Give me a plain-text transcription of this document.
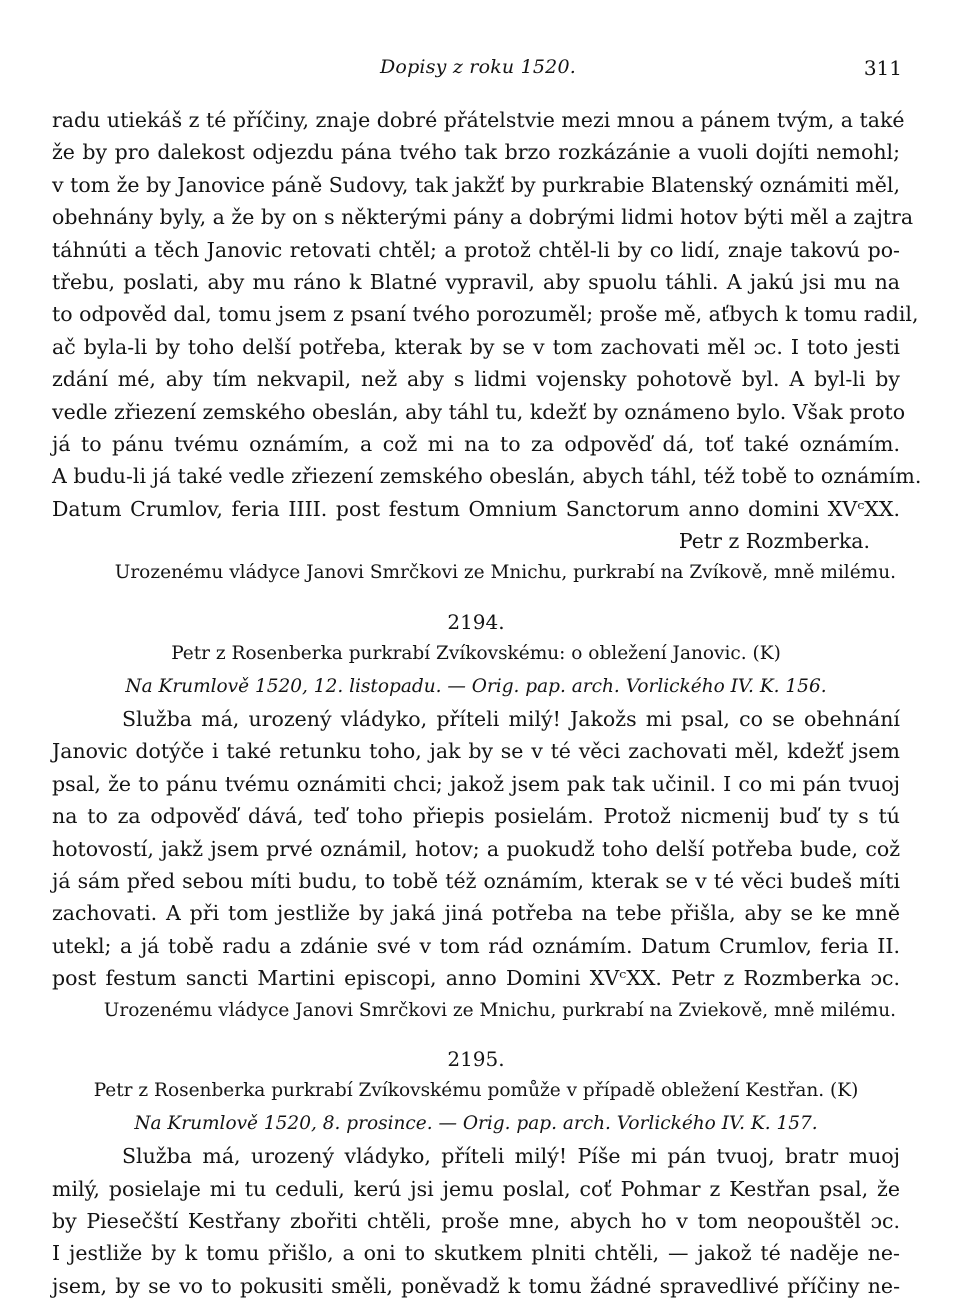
Dopisy z roku 1520.	311
radu utiekáš z té příčiny, znaje dobré přátelstvie mezi mnou a pánem tvým, a také
že by pro dalekost odjezdu pána tvého tak brzo rozkázánie a vuoli dojíti nemohl;
v tom že by Janovice páně Sudovy, tak jakžť by purkrabie Blatenský oznámiti měl,
obehnány byly, a že by on s některými pány a dobrými lidmi hotov býti měl a zajtra
táhnúti a těch Janovic retovati chtěl; a protož chtěl-li by co lidí, znaje takovú po-
třebu, poslati, aby mu ráno k Blatné vypravil, aby spuolu táhli. A jakú jsi mu na
to odpověd dal, tomu jsem z psaní tvého porozuměl; proše mě, aťbych k tomu radil,
ač byla-li by toho delší potřeba, kterak by se v tom zachovati měl ɔc. I toto jesti
zdání mé, aby tím nekvapil, než aby s lidmi vojensky pohotově byl. A byl-li by
vedle zřiezení zemského obeslán, aby táhl tu, kdežť by oznámeno bylo. Však proto
já to pánu tvému oznámím, a což mi na to za odpověď dá, toť také oznámím.
A budu-li já také vedle zřiezení zemského obeslán, abych táhl, též tobě to oznámím.
Datum Crumlov, feria IIII. post festum Omnium Sanctorum anno domini XVᶜXX.
Petr z Rozmberka.
Urozenému vládyce Janovi Smrčkovi ze Mnichu, purkrabí na Zvíkově, mně milému.
2194.
Petr z Rosenberka purkrabí Zvíkovskému: o obležení Janovic. (K)
Na Krumlově 1520, 12. listopadu. — Orig. pap. arch. Vorlického IV. K. 156.
Služba má, urozený vládyko, příteli milý! Jakožs mi psal, co se obehnání
Janovic dotýče i také retunku toho, jak by se v té věci zachovati měl, kdežť jsem
psal, že to pánu tvému oznámiti chci; jakož jsem pak tak učinil. I co mi pán tvuoj
na to za odpověď dává, teď toho přiepis posielám. Protož nicmenij buď ty s tú
hotovostí, jakž jsem prvé oznámil, hotov; a puokudž toho delší potřeba bude, což
já sám před sebou míti budu, to tobě též oznámím, kterak se v té věci budeš míti
zachovati. A při tom jestliže by jaká jiná potřeba na tebe přišla, aby se ke mně
utekl; a já tobě radu a zdánie své v tom rád oznámím. Datum Crumlov, feria II.
post festum sancti Martini episcopi, anno Domini XVᶜXX. Petr z Rozmberka ɔc.
Urozenému vládyce Janovi Smrčkovi ze Mnichu, purkrabí na Zviekově, mně milému.
2195.
Petr z Rosenberka purkrabí Zvíkovskému pomůže v případě obležení Kestřan. (K)
Na Krumlově 1520, 8. prosince. — Orig. pap. arch. Vorlického IV. K. 157.
Služba má, urozený vládyko, příteli milý! Píše mi pán tvuoj, bratr muoj
milý, posielaje mi tu ceduli, kerú jsi jemu poslal, coť Pohmar z Kestřan psal, že
by Piesečští Kestřany zbořiti chtěli, proše mne, abych ho v tom neopouštěl ɔc.
I jestliže by k tomu přišlo, a oni to skutkem plniti chtěli, — jakož té naděje ne-
jsem, by se vo to pokusiti směli, poněvadž k tomu žádné spravedlivé příčiny ne-
